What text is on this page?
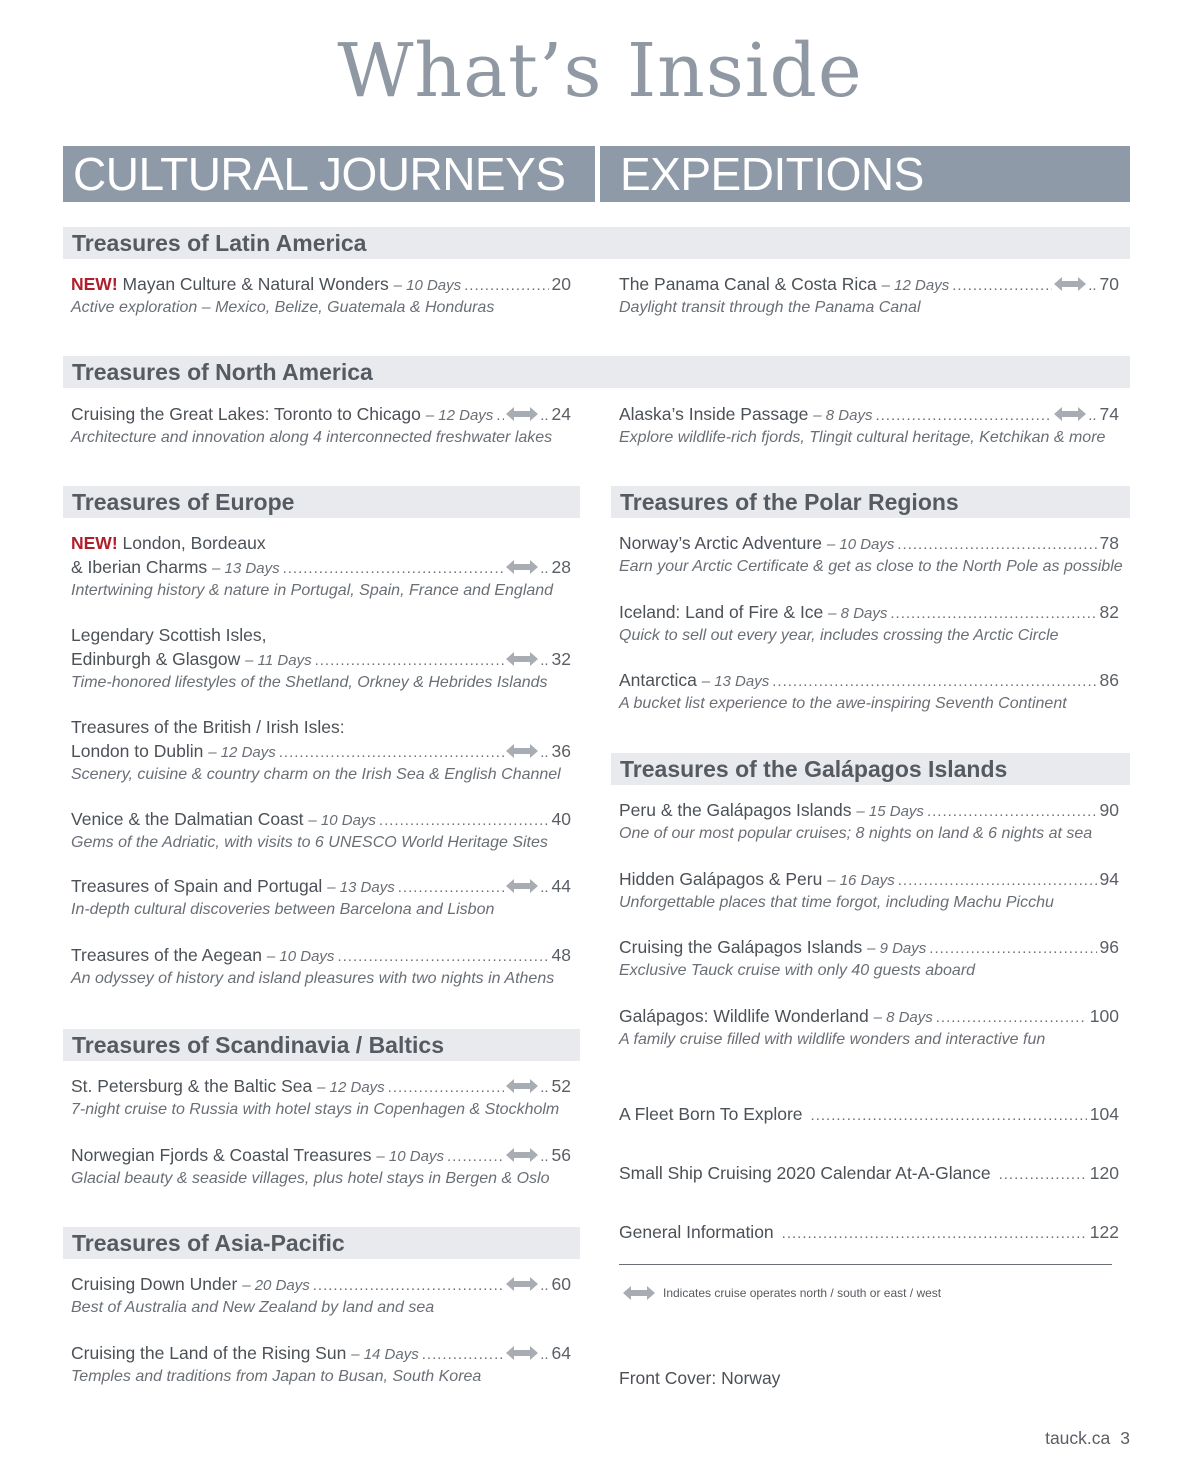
What’s Inside
CULTURAL JOURNEYS	EXPEDITIONS
Treasures of Latin America
Treasures of North America
Treasures of Europe	Treasures of the Polar Regions
Treasures of the Galápagos Islands
Treasures of Scandinavia / Baltics
Treasures of Asia-Pacific
NEW! Mayan Culture & Natural Wonders – 10 Days .....	20
Active exploration – Mexico, Belize, Guatemala & Honduras
Cruising the Great Lakes: Toronto to Chicago – 12 Days .....	.. 24
Architecture and innovation along 4 interconnected freshwater lakes
NEW! London, Bordeaux
& Iberian Charms – 13 Days .....	.. 28
Intertwining history & nature in Portugal, Spain, France and England
Legendary Scottish Isles,
Edinburgh & Glasgow – 11 Days .....	.. 32
Time-honored lifestyles of the Shetland, Orkney & Hebrides Islands
Treasures of the British / Irish Isles:
London to Dublin – 12 Days .....	.. 36
Scenery, cuisine & country charm on the Irish Sea & English Channel
Venice & the Dalmatian Coast – 10 Days .....	40
Gems of the Adriatic, with visits to 6 UNESCO World Heritage Sites
Treasures of Spain and Portugal – 13 Days .....	.. 44
In-depth cultural discoveries between Barcelona and Lisbon
Treasures of the Aegean – 10 Days .....	48
An odyssey of history and island pleasures with two nights in Athens
St. Petersburg & the Baltic Sea – 12 Days .....	.. 52
7-night cruise to Russia with hotel stays in Copenhagen & Stockholm
Norwegian Fjords & Coastal Treasures – 10 Days .....	.. 56
Glacial beauty & seaside villages, plus hotel stays in Bergen & Oslo
Cruising Down Under – 20 Days .....	.. 60
Best of Australia and New Zealand by land and sea
Cruising the Land of the Rising Sun – 14 Days .....	.. 64
Temples and traditions from Japan to Busan, South Korea
The Panama Canal & Costa Rica – 12 Days .....	.. 70
Daylight transit through the Panama Canal
Alaska’s Inside Passage – 8 Days .....	.. 74
Explore wildlife-rich fjords, Tlingit cultural heritage, Ketchikan & more
Norway’s Arctic Adventure – 10 Days .....	78
Earn your Arctic Certificate & get as close to the North Pole as possible
Iceland: Land of Fire & Ice – 8 Days .....	82
Quick to sell out every year, includes crossing the Arctic Circle
Antarctica – 13 Days .....	86
A bucket list experience to the awe-inspiring Seventh Continent
Peru & the Galápagos Islands – 15 Days .....	90
One of our most popular cruises; 8 nights on land & 6 nights at sea
Hidden Galápagos & Peru – 16 Days .....	94
Unforgettable places that time forgot, including Machu Picchu
Cruising the Galápagos Islands – 9 Days .....	96
Exclusive Tauck cruise with only 40 guests aboard
Galápagos: Wildlife Wonderland – 8 Days .....	100
A family cruise filled with wildlife wonders and interactive fun
A Fleet Born To Explore .....	104
Small Ship Cruising 2020 Calendar At-A-Glance .....	120
General Information .....	122
Indicates cruise operates north / south or east / west
Front Cover: Norway
tauck.ca 3
